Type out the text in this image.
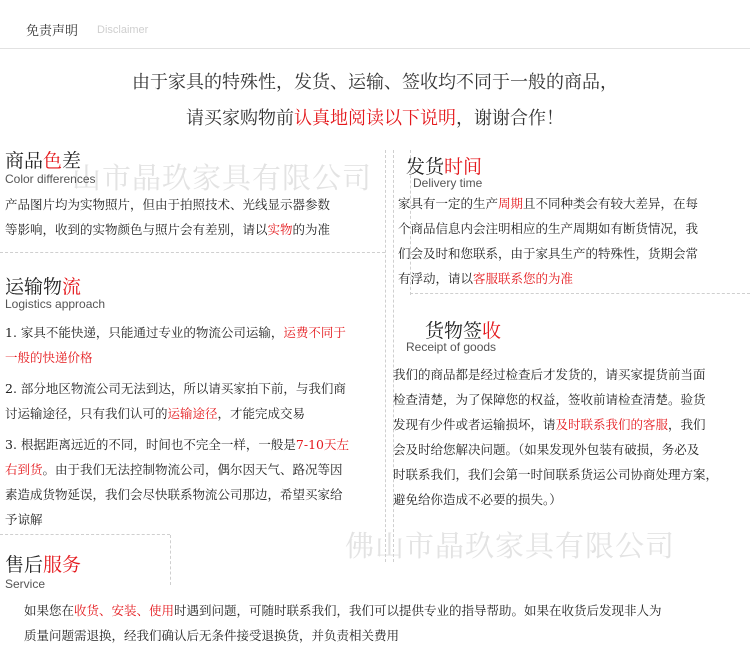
免责声明 Disclaimer
由于家具的特殊性，发货、运输、签收均不同于一般的商品，
请买家购物前认真地阅读以下说明，谢谢合作！
山市晶玖家具有限公司
佛山市晶玖家具有限公司
商品色差
Color differences
产品图片均为实物照片，但由于拍照技术、光线显示器参数
等影响，收到的实物颜色与照片会有差别，请以实物的为准
运输物流
Logistics approach
1. 家具不能快递，只能通过专业的物流公司运输，运费不同于
一般的快递价格
2. 部分地区物流公司无法到达，所以请买家拍下前，与我们商
讨运输途径，只有我们认可的运输途径，才能完成交易
3. 根据距离远近的不同，时间也不完全一样，一般是7-10天左
右到货。由于我们无法控制物流公司，偶尔因天气、路况等因
素造成货物延误，我们会尽快联系物流公司那边，希望买家给
予谅解
发货时间
Delivery time
家具有一定的生产周期且不同种类会有较大差异，在每
个商品信息内会注明相应的生产周期如有断货情况，我
们会及时和您联系，由于家具生产的特殊性，货期会常
有浮动，请以客服联系您的为准
货物签收
Receipt of goods
我们的商品都是经过检查后才发货的，请买家提货前当面
检查清楚，为了保障您的权益，签收前请检查清楚。验货
发现有少件或者运输损坏，请及时联系我们的客服，我们
会及时给您解决问题。（如果发现外包装有破损，务必及
时联系我们，我们会第一时间联系货运公司协商处理方案，
避免给你造成不必要的损失。）
售后服务
Service
如果您在收货、安装、使用时遇到问题，可随时联系我们，我们可以提供专业的指导帮助。如果在收货后发现非人为
质量问题需退换，经我们确认后无条件接受退换货，并负责相关费用
